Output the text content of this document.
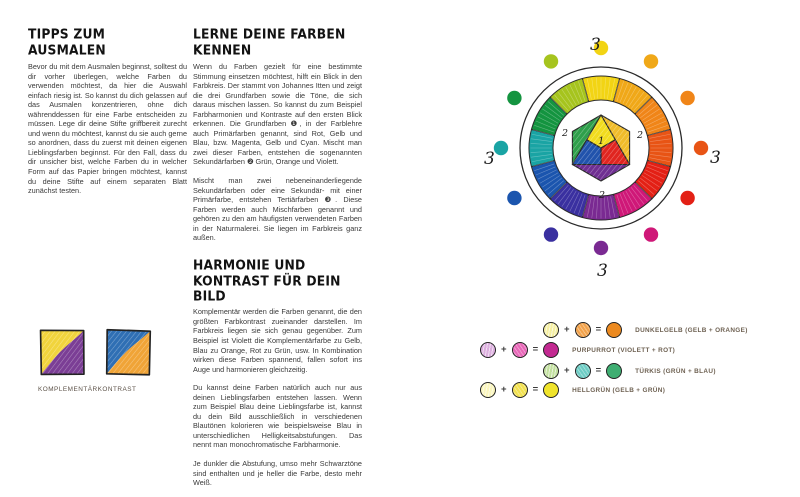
TIPPS ZUM AUSMALEN

Bevor du mit dem Ausmalen beginnst, solltest du dir vorher überlegen, welche Farben du verwenden möchtest, da hier die Auswahl einfach riesig ist. So kannst du dich gelassen auf das Ausmalen konzentrieren, ohne dich währenddessen für eine Farbe entscheiden zu müssen. Lege dir deine Stifte griffbereit zurecht und wenn du möchtest, kannst du sie auch gerne so anordnen, dass du zuerst mit deinen eigenen Lieblingsfarben beginnst. Für den Fall, dass du dir unsicher bist, welche Farben du in welcher Form auf das Papier bringen möchtest, kannst du deine Stifte auf einem separaten Blatt zunächst testen.

KOMPLEMENTÄRKONTRAST
LERNE DEINE FARBEN KENNEN

Wenn du Farben gezielt für eine bestimmte Stimmung einsetzen möchtest, hilft ein Blick in den Farbkreis. Der stammt von Johannes Itten und zeigt die drei Grundfarben sowie die Töne, die sich daraus mischen lassen. So kannst du zum Beispiel Farbharmonien und Kontraste auf den ersten Blick erkennen. Die Grundfarben ❶, in der Farblehre auch Primärfarben genannt, sind Rot, Gelb und Blau, bzw. Magenta, Gelb und Cyan. Mischt man zwei dieser Farben, entstehen die sogenannten Sekundärfarben ❷ Grün, Orange und Violett.

Mischt man zwei nebeneinanderliegende Sekundärfarben oder eine Sekundär- mit einer Primärfarbe, entstehen Tertiärfarben ❸. Diese Farben werden auch Mischfarben genannt und gehören zu den am häufigsten verwendeten Farben in der Naturmalerei. Sie liegen im Farbkreis ganz außen.

HARMONIE UND KONTRAST FÜR DEIN BILD

Komplementär werden die Farben genannt, die den größten Farbkontrast zueinander darstellen. Im Farbkreis liegen sie sich genau gegenüber. Zum Beispiel ist Violett die Komplementärfarbe zu Gelb, Blau zu Orange, Rot zu Grün, usw. In Kombination wirken diese Farben spannend, fallen sofort ins Auge und harmonieren gleichzeitig.

Du kannst deine Farben natürlich auch nur aus deinen Lieblingsfarben entstehen lassen. Wenn zum Beispiel Blau deine Lieblingsfarbe ist, kannst du dein Bild ausschließlich in verschiedenen Blautönen kolorieren wie beispielsweise Blau in unterschiedlichen Helligkeitsabstufungen. Das nennt man monochromatische Farbharmonie.

Je dunkler die Abstufung, umso mehr Schwarztöne sind enthalten und je heller die Farbe, desto mehr Weiß.

1
2	2
2
3
3
3
3
+	=	DUNKELGELB (GELB + ORANGE)
+	=	PURPURROT (VIOLETT + ROT)
+	=	TÜRKIS (GRÜN + BLAU)
+	=	HELLGRÜN (GELB + GRÜN)
